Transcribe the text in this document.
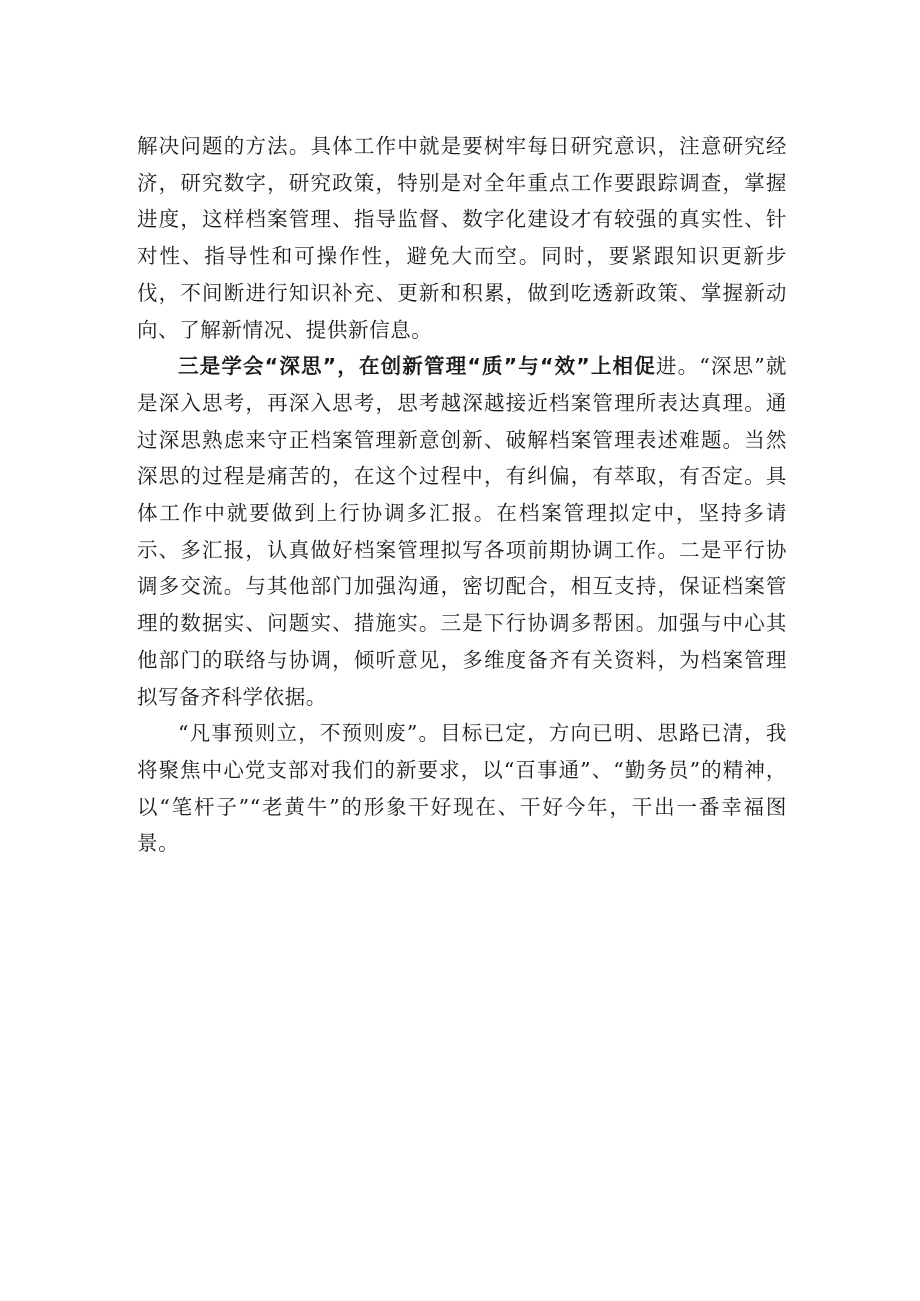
解决问题的方法。具体工作中就是要树牢每日研究意识，注意研究经济，研究数字，研究政策，特别是对全年重点工作要跟踪调查，掌握进度，这样档案管理、指导监督、数字化建设才有较强的真实性、针对性、指导性和可操作性，避免大而空。同时，要紧跟知识更新步伐，不间断进行知识补充、更新和积累，做到吃透新政策、掌握新动向、了解新情况、提供新信息。

三是学会“深思”，在创新管理“质”与“效”上相促进。“深思”就是深入思考，再深入思考，思考越深越接近档案管理所表达真理。通过深思熟虑来守正档案管理新意创新、破解档案管理表述难题。当然深思的过程是痛苦的，在这个过程中，有纠偏，有萃取，有否定。具体工作中就要做到上行协调多汇报。在档案管理拟定中，坚持多请示、多汇报，认真做好档案管理拟写各项前期协调工作。二是平行协调多交流。与其他部门加强沟通，密切配合，相互支持，保证档案管理的数据实、问题实、措施实。三是下行协调多帮困。加强与中心其他部门的联络与协调，倾听意见，多维度备齐有关资料，为档案管理拟写备齐科学依据。

“凡事预则立，不预则废”。目标已定，方向已明、思路已清，我将聚焦中心党支部对我们的新要求，以“百事通”、“勤务员”的精神，以“笔杆子”“老黄牛”的形象干好现在、干好今年，干出一番幸福图景。
